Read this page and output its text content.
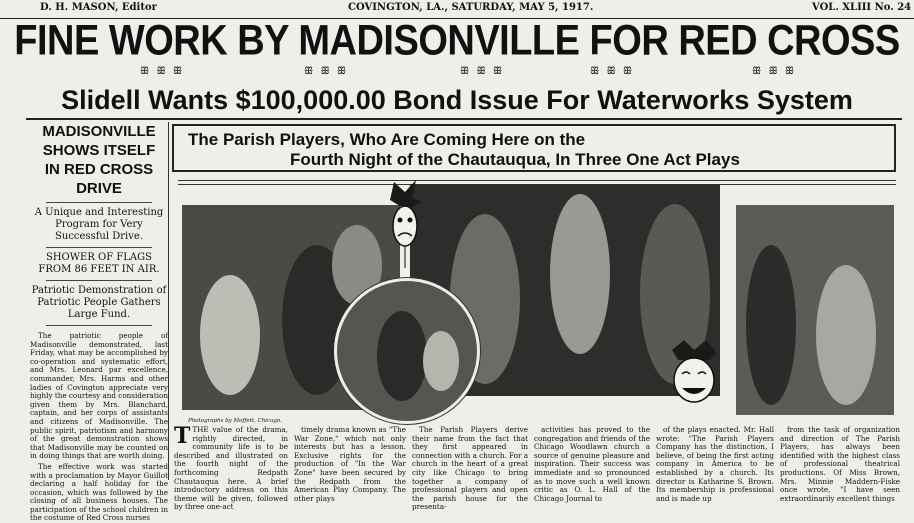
D. H. MASON, Editor	COVINGTON, LA., SATURDAY, MAY 5, 1917.	VOL. XLIII No. 24
FINE WORK BY MADISONVILLE FOR RED CROSS
ꕥ ꕥ ꕥ	ꕥ ꕥ ꕥ	ꕥ ꕥ ꕥ	ꕥ ꕥ ꕥ	ꕥ ꕥ ꕥ
Slidell Wants $100,000.00 Bond Issue For Waterworks System
MADISONVILLE
SHOWS ITSELF
IN RED CROSS
DRIVE
A Unique and Interesting Program for Very Successful Drive.
SHOWER OF FLAGS FROM 86 FEET IN AIR.
Patriotic Demonstration of Patriotic People Gathers Large Fund.

The patriotic people of Madisonville demonstrated, last Friday, what may be accomplished by co-operation and systematic effort, and Mrs. Leonard par excellence, commander, Mrs. Harms and other ladies of Covington appreciate very highly the courtesy and consideration given them by Mrs. Blanchard, captain, and her corps of assistants and citizens of Madisonville. The public spirit, patriotism and harmony of the great demonstration shows that Madisonville may be counted on in doing things that are worth doing.

The effective work was started with a proclamation by Mayor Guillot declaring a half holiday for the occasion, which was followed by the closing of all business houses. The participation of the school children in the costume of Red Cross nurses

The Parish Players, Who Are Coming Here on the
Fourth Night of the Chautauqua, In Three One Act Plays
Photographs by Moffett, Chicago.
TTHE value of the drama, rightly directed, in community life is to be described and illustrated on the fourth night of the forthcoming Redpath Chautauqua here. A brief introductory address on this theme will be given, followed by three one-act

timely drama known as "The War Zone," which not only interests but has a lesson. Exclusive rights for the production of "In the War Zone" have been secured by the Redpath from the American Play Company. The other plays

The Parish Players derive their name from the fact that they first appeared in connection with a church. For a church in the heart of a great city like Chicago to bring together a company of professional players and open the parish house for the presenta-

activities has proved to the congregation and friends of the Chicago Woodlawn church a source of genuine pleasure and inspiration. Their success was immediate and so pronounced as to move such a well known critic as O. L. Hall of the Chicago Journal to

of the plays enacted. Mr. Hall wrote: "The Parish Players Company has the distinction, I believe, of being the first acting company in America to be established by a church. Its director is Katharine S. Brown. Its membership is professional and is made up

from the task of organization and direction of The Parish Players, has always been identified with the highest class of professional theatrical productions. Of Miss Brown, Mrs. Minnie Maddern-Fiske once wrote, "I have seen extraordinarily excellent things
